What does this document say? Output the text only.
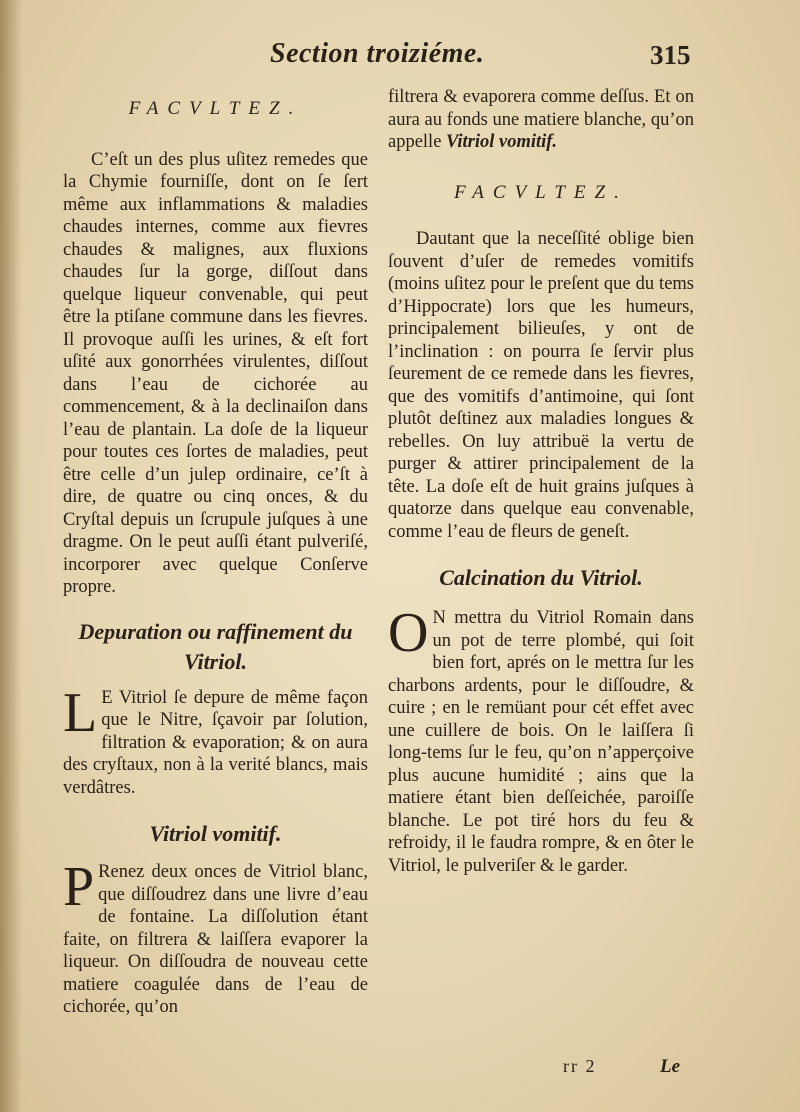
Section troiziéme.	315

FACVLTEZ.

C’eſt un des plus uſitez remedes que la Chymie fourniſſe, dont on ſe ſert même aux inflammations & maladies chaudes internes, comme aux fievres chaudes & malignes, aux fluxions chaudes ſur la gorge, diſſout dans quelque liqueur convenable, qui peut être la ptiſane commune dans les fievres. Il provoque auſſi les urines, & eſt fort uſité aux gonorrhées virulentes, diſſout dans l’eau de cichorée au commencement, & à la declinaiſon dans l’eau de plantain. La doſe de la liqueur pour toutes ces ſortes de maladies, peut être celle d’un julep ordinaire, ce’ſt à dire, de quatre ou cinq onces, & du Cryſtal depuis un ſcrupule juſques à une dragme. On le peut auſſi étant pulveriſé, incorporer avec quelque Conſerve propre.

Depuration ou raffinement du Vitriol.

L E Vitriol ſe depure de même façon que le Nitre, ſçavoir par ſolution, filtration & evaporation; & on aura des cryſtaux, non à la verité blancs, mais verdâtres.

Vitriol vomitif.

P Renez deux onces de Vitriol blanc, que diſſoudrez dans une livre d’eau de fontaine. La diſſolution étant faite, on filtrera & laiſſera evaporer la liqueur. On diſſoudra de nouveau cette matiere coagulée dans de l’eau de cichorée, qu’on

filtrera & evaporera comme deſſus. Et on aura au fonds une matiere blanche, qu’on appelle Vitriol vomitif.

FACVLTEZ.

Dautant que la neceſſité oblige bien ſouvent d’uſer de remedes vomitifs (moins uſitez pour le preſent que du tems d’Hippocrate) lors que les humeurs, principalement bilieuſes, y ont de l’inclination : on pourra ſe ſervir plus ſeurement de ce remede dans les fievres, que des vomitifs d’antimoine, qui ſont plutôt deſtinez aux maladies longues & rebelles. On luy attribuë la vertu de purger & attirer principalement de la tête. La doſe eſt de huit grains juſques à quatorze dans quelque eau convenable, comme l’eau de fleurs de geneſt.

Calcination du Vitriol.

O N mettra du Vitriol Romain dans un pot de terre plombé, qui ſoit bien fort, aprés on le mettra ſur les charbons ardents, pour le diſſoudre, & cuire ; en le remüant pour cét effet avec une cuillere de bois. On le laiſſera ſi long-tems ſur le feu, qu’on n’apperçoive plus aucune humidité ; ains que la matiere étant bien deſſeichée, paroiſſe blanche. Le pot tiré hors du feu & refroidy, il le faudra rompre, & en ôter le Vitriol, le pulveriſer & le garder.

rr 2	Le
